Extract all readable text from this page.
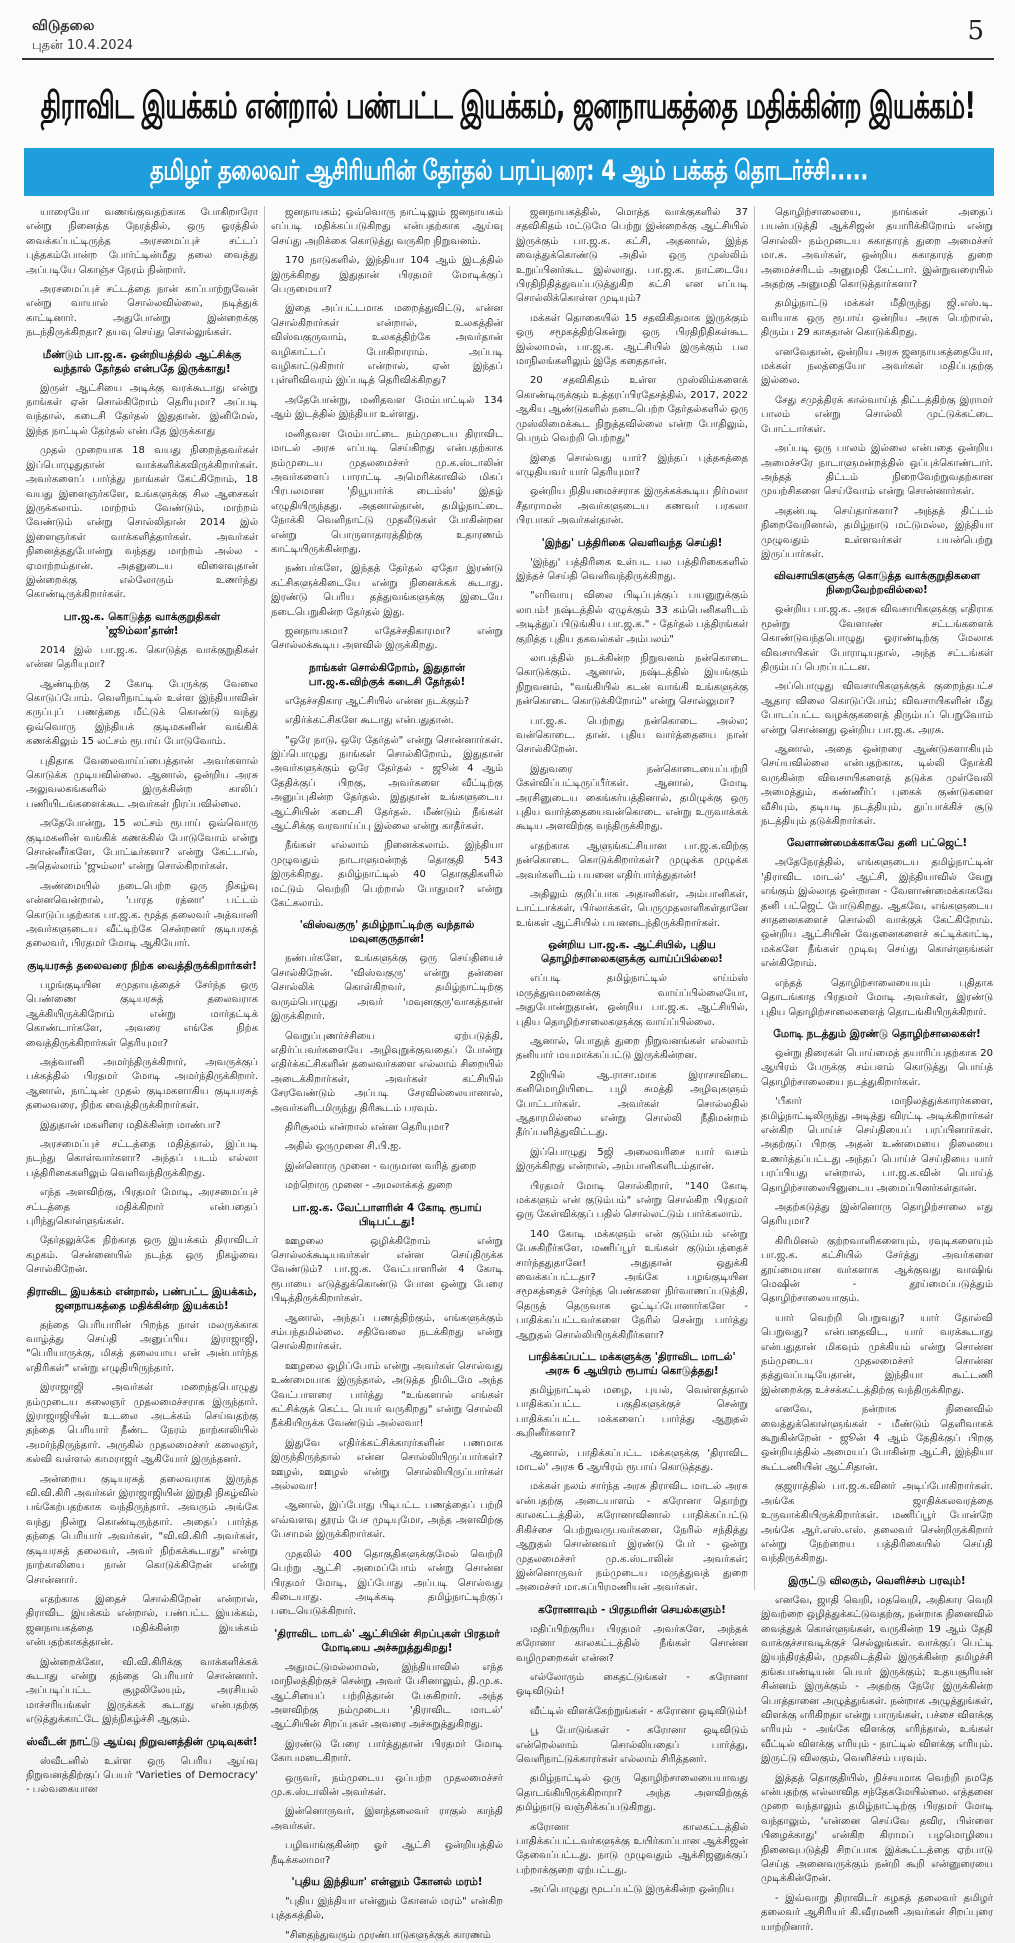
விடுதலை
புதன் 10.4.2024	5
திராவிட இயக்கம் என்றால் பண்பட்ட இயக்கம், ஜனநாயகத்தை மதிக்கின்ற இயக்கம்!
தமிழர் தலைவர் ஆசிரியரின் தேர்தல் பரப்புரை: 4 ஆம் பக்கத் தொடர்ச்சி.....

யாரையோ வணங்குவதற்காக போகிறாரோ என்று நினைத்த நேரத்தில், ஒரு ஓரத்தில் வைக்கப்பட்டிருந்த அரசமைப்புச் சட்டப் புத்தகம்போன்ற போர்ட்டின்மீது தலை வைத்து அப்படியே கொஞ்ச நேரம் நின்றார்.

அரசமைப்புச் சட்டத்தை நான் காப்பாற்றுவேன் என்று வாயால் சொல்லவில்லை, நடித்துக் காட்டினார். அதுபோன்று இன்றைக்கு நடந்திருக்கிறதா? தயவு செய்து சொல்லுங்கள்.

மீண்டும் பா.ஜ.க. ஒன்றியத்தில் ஆட்சிக்கு வந்தால் தேர்தல் என்பதே இருக்காது!

இருள் ஆட்சியை அடிக்கு வரக்கூடாது என்று நாங்கள் ஏன் சொல்கிறோம் தெரியுமா? அப்படி வந்தால், கடைசி தேர்தல் இதுதான். இனிமேல், இந்த நாட்டில் தேர்தல் என்பதே இருக்காது

முதல் முறையாக 18 வயது நிறைந்தவர்கள் இப்பொழுதுதான் வாக்களிக்கவிருக்கிறார்கள். அவர்களைப் பார்த்து நாங்கள் கேட்கிறோம், 18 வயது இளைஞர்களே, உங்களுக்கு சில ஆசைகள் இருக்கலாம். மாற்றம் வேண்டும், மாற்றம் வேண்டும் என்று சொல்லிதான் 2014 இல் இளைஞர்கள் வாக்களித்தார்கள். அவர்கள் நினைத்ததுபோன்று வந்தது மாற்றம் அல்ல - ஏமாற்றம்தான். அதனுடைய விளைவுதான் இன்றைக்கு எல்லோரும் உணர்ந்து கொண்டிருக்கிறார்கள்.

பா.ஜ.க. கொடுத்த வாக்குறுதிகள் 'ஜூம்லா'தான்!

2014 இல் பா.ஜ.க. கொடுத்த வாக்குறுதிகள் என்ன தெரியுமா?

ஆண்டிற்கு 2 கோடி பேருக்கு வேலை கொடுப்போம். வெளிநாட்டில் உள்ள இந்தியாவின் கருப்புப் பணத்தை மீட்டுக் கொண்டு வந்து ஒவ்வொரு இந்தியக் குடிமகனின் வங்கிக் கணக்கிலும் 15 லட்சம் ரூபாய் போடுவோம்.

புதிதாக வேலைவாய்ப்பைத்தான் அவர்களால் கொடுக்க முடியவில்லை. ஆனால், ஒன்றிய அரசு அலுவலகங்களில் இருக்கின்ற காலிப் பணியிடங்களைக்கூட அவர்கள் நிரப்பவில்லை.

அதேபோன்று, 15 லட்சம் ரூபாய் ஒவ்வொரு குடிமகனின் வங்கிக் கணக்கில் போடுவோம் என்று சொன்னீர்களே, போட்டீர்களா? என்று கேட்டால், அதெல்லாம் 'ஜும்லா' என்று சொல்கிறார்கள்.

அண்மையில் நடைபெற்ற ஒரு நிகழ்வு என்னவென்றால், 'பாரத ரத்னா' பட்டம் கொடுப்பதற்காக பா.ஜ.க. மூத்த தலைவர் அத்வானி அவர்களுடைய வீட்டிற்கே சென்றனர் குடியரசுத் தலைவர், பிரதமர் மோடி ஆகியோர்.

குடியரசுத் தலைவரை நிற்க வைத்திருக்கிறார்கள்!

பழங்குடியின சமுதாயத்தைச் சேர்ந்த ஒரு பெண்ணை குடியரசுத் தலைவராக ஆக்கியிருக்கிறோம் என்று மார்தட்டிக் கொண்டார்களே, அவரை எங்கே நிற்க வைத்திருக்கிறார்கள் தெரியுமா?

அத்வானி அமர்ந்திருக்கிறார், அவருக்குப் பக்கத்தில் பிரதமர் மோடி அமர்ந்திருக்கிறார். ஆனால், நாட்டின் முதல் குடிமகளாகிய குடியரசுத் தலைவரை, நிற்க வைத்திருக்கிறார்கள்.

இதுதான் மகளிரை மதிக்கின்ற மாண்பா?

அரசமைப்புச் சட்டத்தை மதித்தால், இப்படி நடந்து கொள்வார்களா? அந்தப் படம் எல்லா பத்திரிகைகளிலும் வெளிவந்திருக்கிறது.

எந்த அளவிற்கு, பிரதமர் மோடி, அரசமைப்புச் சட்டத்தை மதிக்கிறார் என்பதைப் புரிந்துகொள்ளுங்கள்.

தேர்தலுக்கே நிற்காத ஒரு இயக்கம் திராவிடர் கழகம். சென்னையில் நடந்த ஒரு நிகழ்வை சொல்கிறேன்.

திராவிட இயக்கம் என்றால், பண்பட்ட இயக்கம், ஜனநாயகத்தை மதிக்கின்ற இயக்கம்!

தந்தை பெரியாரின் பிறந்த நாள் மலருக்காக வாழ்த்து செய்தி அனுப்பிய இராஜாஜி, "பெரியாருக்கு, மிகத் தலையாய என் அன்பார்ந்த எதிரிகள்" என்று எழுதியிருந்தார்.

இராஜாஜி அவர்கள் மறைந்தபொழுது நம்முடைய கலைஞர் முதலமைச்சராக இருந்தார். இராஜாஜியின் உடலை அடக்கம் செய்வதற்கு தந்தை பெரியார் நீண்ட நேரம் நாற்காலியில் அமர்ந்திருந்தார். அருகில் முதலமைச்சர் கலைஞர், கல்வி வள்ளல் காமராஜர் ஆகியோர் இருந்தனர்.

அன்றைய குடியரசுத் தலைவராக இருந்த வி.வி.கிரி அவர்கள் இராஜாஜியின் இறுதி நிகழ்வில் பங்கேற்பதற்காக வந்திருந்தார். அவரும் அங்கே வந்து நின்று கொண்டிருந்தார். அதைப் பார்த்த தந்தை பெரியார் அவர்கள், "வி.வி.கிரி அவர்கள், குடியரசுத் தலைவர், அவர் நிற்கக்கூடாது" என்று நாற்காலியை நான் கொடுக்கிறேன் என்று சொன்னார்.

எதற்காக இதைச் சொல்கிறேன் என்றால், திராவிட இயக்கம் என்றால், பண்பட்ட இயக்கம், ஜனநாயகத்தை மதிக்கின்ற இயக்கம் என்பதற்காகத்தான்.

இன்றைக்கோ, வி.வி.கிரிக்கு வாக்களிக்கக் கூடாது என்று தந்தை பெரியார் சொன்னார். அப்படிப்பட்ட சூழலிலேயும், அரசியல் மாச்சரியங்கள் இருக்கக் கூடாது என்பதற்கு எடுத்துக்காட்டே இந்நிகழ்ச்சி ஆகும்.

ஸ்வீடன் நாட்டு ஆய்வு நிறுவனத்தின் முடிவுகள்!

ஸ்வீடனில் உள்ள ஒரு பெரிய ஆய்வு நிறுவனத்திற்குப் பெயர் 'Varieties of Democracy' - பல்வகையான

ஜனநாயகம்; ஒவ்வொரு நாட்டிலும் ஜனநாயகம் எப்படி மதிக்கப்படுகிறது என்பதற்காக ஆய்வு செய்து அறிக்கை கொடுத்து வருகிற நிறுவனம்.

170 நாடுகளில், இந்தியா 104 ஆம் இடத்தில் இருக்கிறது இதுதான் பிரதமர் மோடிக்குப் பெருமையா?

இதை அப்பட்டமாக மறைத்துவிட்டு, என்ன சொல்கிறார்கள் என்றால், உலகத்தின் விஸ்வகுருவாம், உலகத்திற்கே அவர்தான் வழிகாட்டப் போகிறாராம். அப்படி வழிகாட்டுகிறார் என்றால், ஏன் இந்தப் புள்ளிவிவரம் இப்படித் தெரிவிக்கிறது?

அதேபோன்று, மனிதவள மேம்பாட்டில் 134 ஆம் இடத்தில் இந்தியா உள்ளது.

மனிதவள மேம்பாட்டை நம்முடைய திராவிட மாடல் அரசு எப்படி செய்கிறது என்பதற்காக நம்முடைய முதலமைச்சர் மு.க.ஸ்டாலின் அவர்களைப் பாராட்டி அமெரிக்காவில் மிகப் பிரபலமான 'நியூயார்க் டைம்ஸ்' இதழ் எழுதியிருந்தது. அதனால்தான், தமிழ்நாட்டை நோக்கி வெளிநாட்டு முதலீடுகள் போகின்றன என்று பொருளாதாரத்திற்கு உதாரணம் காட்டியிருக்கின்றது.

நண்பர்களே, இந்தத் தேர்தல் ஏதோ இரண்டு கட்சிகளுக்கிடையே என்று நினைக்கக் கூடாது. இரண்டு பெரிய தத்துவங்களுக்கு இடையே நடைபெறுகின்ற தேர்தல் இது.

ஜனநாயகமா? எதேச்சதிகாரமா? என்று சொல்லக்கூடிய அளவில் இருக்கிறது.

நாங்கள் சொல்கிறோம், இதுதான் பா.ஜ.க.விற்குக் கடைசி தேர்தல்!

எதேச்சதிகார ஆட்சியில் என்ன நடக்கும்?

எதிர்க்கட்சிகளே கூடாது என்பதுதான்.

"ஒரே நாடு, ஒரே தேர்தல்" என்று சொன்னார்கள். இப்பொழுது நாங்கள் சொல்கிறோம், இதுதான் அவர்களுக்கும் ஒரே தேர்தல் - ஜூன் 4 ஆம் தேதிக்குப் பிறகு, அவர்களை வீட்டிற்கு அனுப்புகின்ற தேர்தல். இதுதான் உங்களுடைய ஆட்சியின் கடைசி தேர்தல். மீண்டும் நீங்கள் ஆட்சிக்கு வரவாய்ப்பு இல்லை என்று காதீர்கள்.

நீங்கள் எல்லாம் நினைக்கலாம். இந்தியா முழுவதும் நாடாளுமன்றத் தொகுதி 543 இருக்கிறது. தமிழ்நாட்டில் 40 தொகுதிகளில் மட்டும் வெற்றி பெற்றால் போதுமா? என்று கேட்கலாம்.

'விஸ்வகுரு' தமிழ்நாட்டிற்கு வந்தால் மவுனகுருதான்!

நண்பர்களே, உங்களுக்கு ஒரு செய்தியைச் சொல்கிறேன். 'விஸ்வகுரு' என்று தன்னை சொல்லிக் கொள்கிறவர், தமிழ்நாட்டிற்கு வரும்பொழுது அவர் 'மவுனகுரு'வாகத்தான் இருக்கிறார்.

வெறுப்புணர்ச்சியை ஏற்படுத்தி, எதிர்ப்பவர்களையே அழிவுறுக்குவதைப் போன்று எதிர்க்கட்சிகளின் தலைவர்களை எல்லாம் சிறையில் அடைக்கிறார்கள், அவர்கள் கட்சியில் சேரவேண்டும் அப்படி சேரவில்லையானால், அவர்களிடமிருந்து திரிகூடம் பரவும்.

திரிசூலம் என்றால் என்ன தெரியுமா?

அதில் ஒருமுனை சி.பி.ஐ.

இன்னொரு முனை - வருமான வரித் துறை

மற்றொரு முனை - அமலாக்கத் துறை

பா.ஜ.க. வேட்பாளரின் 4 கோடி ரூபாய் பிடிபட்டது!

ஊழலை ஒழிக்கிறோம் என்று சொல்லக்கூடியவர்கள் என்ன செய்திருக்க வேண்டும்? பா.ஜ.க. வேட்பாளரின் 4 கோடி ரூபாயை எடுத்துக்கொண்டு போன ஒன்று பேரை பிடித்திருக்கிறார்கள்.

ஆனால், அந்தப் பணத்திற்கும், எங்களுக்கும் சம்பந்தமில்லை. சதிவேலை நடக்கிறது என்று சொல்கிறார்கள்.

ஊழலை ஒழிப்போம் என்று அவர்கள் சொல்வது உண்மையாக இருந்தால், அடுத்த நிமிடமே அந்த வேட்பாளரை பார்த்து "உங்களால் எங்கள் கட்சிக்குக் கெட்ட பெயர் வருகிறது" என்று சொல்லி நீக்கியிருக்க வேண்டும் அல்லவா!

இதுவே எதிர்க்கட்சிக்காரர்களின் பணமாக இருந்திருந்தால் என்ன சொல்லியிருப்பார்கள்? ஊழல், ஊழல் என்று சொல்லியிருப்பார்கள் அல்லவா!

ஆனால், இப்போது பிடிபட்ட பணத்தைப் பற்றி எவ்வளவு தூரம் பேச முடியுமோ, அந்த அளவிற்கு பேசாமல் இருக்கிறார்கள்.

முதலில் 400 தொகுதிகளுக்குமேல் வெற்றி பெற்று ஆட்சி அமைப்போம் என்று சொன்ன பிரதமர் மோடி, இப்போது அப்படி சொல்வது கிடையாது. அடிக்கடி தமிழ்நாட்டிற்குப் படையெடுக்கிறார்.

'திராவிட மாடல்' ஆட்சியின் சிறப்புகள் பிரதமர் மோடியை அச்சுறுத்துகிறது!

அதுமட்டுமல்லாமல், இந்தியாவில் எந்த மாநிலத்திற்குச் சென்று அவர் பேசினாலும், தி.மு.க. ஆட்சியைப் பற்றித்தான் பேசுகிறார். அந்த அளவிற்கு நம்முடைய 'திராவிட மாடல்' ஆட்சியின் சிறப்புகள் அவரை அச்சுறுத்துகிறது.

இரண்டு பேரை பார்த்துதான் பிரதமர் மோடி கோபமடைகிறார்.

ஒருவர், நம்முடைய ஒப்பற்ற முதலமைச்சர் மு.க.ஸ்டாலின் அவர்கள்.

இன்னொருவர், இளந்தலைவர் ராகுல் காந்தி அவர்கள்.

பழிவாங்குகின்ற ஓர் ஆட்சி ஒன்றியத்தில் நீடிக்கலாமா?

'புதிய இந்தியா' என்னும் கோனல் மரம்!

"புதிய இந்தியா என்னும் கோனல் மரம்" என்கிற புத்தகத்தில்,

"சிதைந்துவரும் முரண்பாடுகளுக்குக் காரணம்

ஜனநாயகத்தில், மொத்த வாக்குகளில் 37 சதவிகிதம் மட்டுமே பெற்று இன்றைக்கு ஆட்சியில் இருக்கும் பா.ஜ.க. கட்சி, அதனால், இந்த வைத்துக்கொண்டு அதில் ஒரு முஸ்லிம் உறுப்பினர்கூட இல்லாது. பா.ஜ.க. நாட்டையே பிரதிநிதித்துவப்படுத்துகிற கட்சி என எப்படி சொல்லிக்கொள்ள முடியும்?

மக்கள் தொகையில் 15 சதவிகிதமாக இருக்கும் ஒரு சமூகத்திற்கென்று ஒரு பிரதிநிதிகள்கூட இல்லாமல், பா.ஜ.க. ஆட்சியில் இருக்கும் பல மாநிலங்களிலும் இதே கதைதான்.

20 சதவிகிதம் உள்ள முஸ்லிம்களைக் கொண்டிருக்கும் உத்தரப்பிரதேசத்தில், 2017, 2022 ஆகிய ஆண்டுகளில் நடைபெற்ற தேர்தல்களில் ஒரு முஸ்லிமைக்கூட நிறுத்தவில்லை என்ற போதிலும், பெரும் வெற்றி பெற்றது"

இதை சொல்வது யார்? இந்தப் புத்தகத்தை எழுதியவர் யார் தெரியுமா?

ஒன்றிய நிதியமைச்சராக இருக்கக்கூடிய நிர்மலா சீதாராமன் அவர்களுடைய கணவர் பரகலா பிரபாகர் அவர்கள்தான்.

'இந்து' பத்திரிகை வெளிவந்த செய்தி!

'இந்து' பத்திரிகை உள்பட பல பத்திரிகைகளில் இந்தச் செய்தி வெளிவந்திருக்கிறது.

"எரிவாயு விலை பிடிப்புக்குப் பயனுறுக்கும் லாபம்! நஷ்டத்தில் ஏழுக்கும் 33 கம்பெனிகளிடம் அடித்துப் பிடுங்கிய பா.ஜ.க." - தேர்தல் பத்திரங்கள் குறித்த புதிய தகவல்கள் அம்பலம்"

லாபத்தில் நடக்கின்ற நிறுவனம் நன்கொடை கொடுக்கும். ஆனால், நஷ்டத்தில் இயங்கும் நிறுவனம், "வங்கியில் கடன் வாங்கி உங்களுக்கு நன்கொடை கொடுக்கிறோம்" என்று சொல்லுமா?

பா.ஜ.க. பெற்றது நன்கொடை அல்ல; வன்கொடை. தான். புதிய வார்த்தையை நான் சொல்கிறேன்.

இதுவரை நன்கொடையைப்பற்றி கேள்விப்பட்டிருப்பீர்கள். ஆனால், மோடி அரசினுடைய கைங்கர்யத்தினால், தமிழுக்கு ஒரு புதிய வார்த்தையைவன்கொடை என்று உருவாக்கக் கூடிய அளவிற்கு வந்திருக்கிறது.

எதற்காக ஆளுங்கட்சியான பா.ஜ.க.விற்கு நன்கொடை கொடுக்கிறார்கள்? முழுக்க முழுக்க அவர்களிடம் பயனை எதிர்பார்த்துதான்!

அதிலும் குறிப்பாக அதானிகள், அம்பானிகள், டாட்டாக்கள், பிர்லாக்கள், பெருமுதலாளிகள்தானே உங்கள் ஆட்சியில் பயனடைந்திருக்கிறார்கள்.

ஒன்றிய பா.ஜ.க. ஆட்சியில், புதிய தொழிற்சாலைகளுக்கு வாய்ப்பில்லை!

எப்படி தமிழ்நாட்டில் எய்ம்ஸ் மருத்துவமனைக்கு வாய்ப்பில்லையோ, அதுபோன்றுதான், ஒன்றிய பா.ஜ.க. ஆட்சியில், புதிய தொழிற்சாலைகளுக்கு வாய்ப்பில்லை.

ஆனால், பொதுத் துறை நிறுவனங்கள் எல்லாம் தனியார் மயமாக்கப்பட்டு இருக்கின்றன.

2ஜியில் ஆ.ராசா.மாக இராசாவிடை கனிமொழியிடை பழி சுமத்தி அழிவுகளும் போட்டார்கள். அவர்கள் சொல்லதில் ஆதாரமில்லை என்று சொல்லி நீதிமன்றம் தீர்ப்பளித்துவிட்டது.

இப்பொழுது 5ஜி அலைவரிசை யார் வசம் இருக்கிறது என்றால், அம்பானிகளிடம்தான்.

பிரதமர் மோடி சொல்கிறார், "140 கோடி மக்களும் என் குடும்பம்" என்று சொல்கிற பிரதமர் ஒரு கேள்விக்குப் பதில் சொல்லட்டும் பார்க்கலாம்.

140 கோடி மக்களும் என் குடும்பம் என்று பேசுகிறீர்களே, மணிப்பூர் உங்கள் குடும்பத்தைச் சார்ந்ததுதானே! அதுதான் ஒதுக்கி வைக்கப்பட்டதா? அங்கே பழங்குடியின சமூகத்தைச் சேர்ந்த பெண்களை நிர்வாணப்படுத்தி, தெருத் தெருவாக ஓட்டிப்போனார்களே - பாதிக்கப்பட்டவர்களை நேரில் சென்று பார்த்து ஆறுதல் சொல்லியிருக்கிறீர்களா?

பாதிக்கப்பட்ட மக்களுக்கு 'திராவிட மாடல்' அரசு 6 ஆயிரம் ரூபாய் கொடுத்தது!

தமிழ்நாட்டில் மழை, புயல், வெள்ளத்தால் பாதிக்கப்பட்ட பகுதிகளுக்குச் சென்று பாதிக்கப்பட்ட மக்களைப் பார்த்து ஆறுதல் கூறினீர்களா?

ஆனால், பாதிக்கப்பட்ட மக்களுக்கு 'திராவிட மாடல்' அரசு 6 ஆயிரம் ரூபாய் கொடுத்தது.

மக்கள் நலம் சார்ந்த அரசு திராவிட மாடல் அரசு என்பதற்கு அடையாளம் - கரோனா தொற்று காலகட்டத்தில், கரோனாவினால் பாதிக்கப்பட்டு சிகிச்சை பெற்றுவருபவர்களை, நேரில் சந்தித்து ஆறுதல் சொன்னவர் இரண்டு பேர் - ஒன்று முதலமைச்சர் மு.க.ஸ்டாலின் அவர்கள்; இன்னொருவர் நம்முடைய மருத்துவத் துறை அமைச்சர் மா.சுப்பிரமணியன் அவர்கள்.

கரோனாவும் - பிரதமரின் செயல்களும்!

மதிப்பிற்குரிய பிரதமர் அவர்களே, அந்தக் கரோனா காலகட்டத்தில் நீங்கள் சொன்ன வழிமுறைகள் என்ன?

எல்லோரும் கைதட்டுங்கள் - கரோனா ஒடிவிடும்!

வீட்டில் விளக்கேற்றுங்கள் - கரோனா ஒடிவிடும்!

பூ போடுங்கள் - கரோனா ஒடிவிடும் என்றெல்லாம் சொல்லியதைப் பார்த்து, வெளிநாட்டுக்காரர்கள் எல்லாம் சிரித்தனர்.

தமிழ்நாட்டில் ஒரு தொழிற்சாலையையாவது தொடங்கியிருக்கிறாரா? அந்த அளவிற்குத் தமிழ்நாடு வஞ்சிக்கப்படுகிறது.

கரோனா காலகட்டத்தில் பாதிக்கப்பட்டவர்களுக்கு உயிர்காப்பான ஆக்சிஜன் தேவைப்பட்டது. நாடு முழுவதும் ஆக்சிஜனுக்குப் பற்றாக்குறை ஏற்பட்டது.

அப்பொழுது மூடப்பட்டு இருக்கின்ற ஒன்றிய

தொழிற்சாலையை, நாங்கள் அதைப் பயன்படுத்தி ஆக்சிஜன் தயாரிக்கிறோம் என்று சொல்லி- நம்முடைய சுகாதாரத் துறை அமைச்சர் மா.சு. அவர்கள், ஒன்றிய சுகாதாரத் துறை அமைச்சரிடம் அனுமதி கேட்டார். இன்றுவரையில் அதற்கு அனுமதி கொடுத்தார்களா?

தமிழ்நாட்டு மக்கள் மீதிருந்து ஜி.எஸ்.டி. வரியாக ஒரு ரூபாய் ஒன்றிய அரசு பெற்றால், திரும்ப 29 காசுதான் கொடுக்கிறது.

எனவேதான், ஒன்றிய அரசு ஜனநாயகத்தையோ, மக்கள் நலத்தையோ அவர்கள் மதிப்பதற்கு இல்லை.

சேது சமுத்திரக் கால்வாய்த் திட்டத்திற்கு இராமர் பாலம் என்று சொல்லி முட்டுக்கட்டை போட்டார்கள்.

அப்படி ஒரு பாலம் இல்லை என்பதை ஒன்றிய அமைச்சரே நாடாளுமன்றத்தில் ஒப்புக்கொண்டார். அந்தத் திட்டம் நிறைவேற்றுவதற்கான முயற்சிகளை செய்வோம் என்று சொன்னார்கள்.

அதன்படி செய்தார்களா? அந்தத் திட்டம் நிறைவேறினால், தமிழ்நாடு மட்டுமல்ல, இந்தியா முழுவதும் உள்ளவர்கள் பயன்பெற்று இருப்பார்கள்.

விவசாயிகளுக்கு கொடுத்த வாக்குறுதிகளை நிறைவேற்றவில்லை!

ஒன்றிய பா.ஜ.க. அரசு விவசாயிகளுக்கு எதிராக மூன்று வேளாண் சட்டங்களைக் கொண்டுவந்தபொழுது ஓராண்டிற்கு மேலாக விவசாயிகள் போராடியதால், அந்த சட்டங்கள் திரும்பப் பெறப்பட்டன.

அப்பொழுது விவசாயிகளுக்குக் குறைந்தபட்ச ஆதார விலை கொடுப்போம்; விவசாயிகளின் மீது போடப்பட்ட வழக்குகளைத் திரும்பப் பெறுவோம் என்று சொன்னது ஒன்றிய பா.ஜ.க. அரசு.

ஆனால், அதை ஒன்றரை ஆண்டுகளாகியும் செய்யவில்லை என்பதற்காக, டில்லி நோக்கி வருகின்ற விவசாயிகளைத் தடுக்க முள்வேலி அமைத்தும், கண்ணீர்ப் புகைக் குண்டுகளை வீசியும், தடியடி நடத்தியும், துப்பாக்கிச் சூடு நடத்தியும் தடுக்கிறார்கள்.

வேளாண்மைக்காகவே தனி பட்ஜெட்!

அதேநேரத்தில், எங்களுடைய தமிழ்நாட்டின் 'திராவிட மாடல்' ஆட்சி, இந்தியாவில் வேறு எங்கும் இல்லாத ஒன்றான - வேளாண்மைக்காகவே தனி பட்ஜெட் போடுகிறது. ஆகவே, எங்களுடைய சாதனைகளைச் சொல்லி வாக்குக் கேட்கிறோம். ஒன்றிய ஆட்சியின் வேதனைகளைச் சுட்டிக்காட்டி, மக்களே நீங்கள் முடிவு செய்து கொள்ளுங்கள் என்கிறோம்.

எந்தத் தொழிற்சாலையையும் புதிதாக தொடங்காத பிரதமர் மோடி அவர்கள், இரண்டு புதிய தொழிற்சாலைகளைத் தொடங்கியிருக்கிறார்.

மோடி நடத்தும் இரண்டு தொழிற்சாலைகள்!

ஒன்று திரைகள் பொய்மைத் தயாரிப்பதற்காக 20 ஆயிரம் பேருக்கு சம்பளம் கொடுத்து பொய்த் தொழிற்சாலையை நடத்துகிறார்கள்.

'பீகார் மாநிலத்துக்காரர்களை, தமிழ்நாட்டிலிருந்து அடித்து விரட்டி அடிக்கிறார்கள் என்கிற பொய்ச் செய்தியைப் பரப்பினார்கள். அதற்குப் பிறகு அதன் உண்மையை நிலையை உணர்த்தப்பட்டது அந்தப் பொய்ச் செய்தியை யார் பரப்பியது என்றால், பா.ஜ.க.வின் பொய்த் தொழிற்சாலையினுடைய அமைப்பினர்கள்தான்.

அதற்கடுத்து இன்னொரு தொழிற்சாலை எது தெரியுமா?

கிரிமினல் குற்றவாளிகளையும், ரவுடிகளையும் பா.ஜ.க. கட்சியில் சேர்த்து அவர்களை தூய்மையான வர்களாக ஆக்குவது வாஷிங் மெஷின் - தூய்மைப்படுத்தும் தொழிற்சாலையாகும்.

யார் வெற்றி பெறுவது? யார் தோல்வி பெறுவது? என்பதைவிட, யார் வரக்கூடாது என்பதுதான் மிகவும் முக்கியம் என்று சொன்ன நம்முடைய முதலமைச்சர் சொன்ன தத்துவப்படியேதான், இந்தியா கூட்டணி இன்றைக்கு உச்சக்கட்டத்திற்கு வந்திருக்கிறது.

எனவே, நன்றாக நினைவில் வைத்துக்கொள்ளுங்கள் - மீண்டும் தெளிவாகக் கூறுகின்றேன் - ஜூன் 4 ஆம் தேதிக்குப் பிறகு ஒன்றியத்தில் அமையப் போகின்ற ஆட்சி, இந்தியா கூட்டணியின் ஆட்சிதான்.

குஜராத்தில் பா.ஜ.க.வினர் அடிப்போகிறார்கள். அங்கே ஜாதிக்கலவரத்தை உருவாக்கியிருக்கிறார்கள். மணிப்பூர் போன்றே அங்கே ஆர்.எஸ்.எஸ். தலைவர் சென்றிருக்கிறார் என்று நேற்றைய பத்திரிகையில் செய்தி வந்திருக்கிறது.

இருட்டு விலகும், வெளிச்சம் பரவும்!

எனவே, ஜாதி வெறி, மதவெறி, அதிகார வெறி இவற்றை ஒழித்துக்கட்டுவதற்கு, நன்றாக நினைவில் வைத்துக் கொள்ளுங்கள், வருகின்ற 19 ஆம் தேதி வாக்குச்சாவடிக்குச் செல்லுங்கள். வாக்குப் பெட்டி இயந்திரத்தில், முதலிடத்தில் இருக்கின்ற தமிழச்சி தங்கபாண்டியன் பெயர் இருக்கும்; உதயசூரியன் சின்னம் இருக்கும் - அதற்கு நேரே இருக்கின்ற பொத்தானை அழுத்துங்கள். நன்றாக அழுத்துங்கள், விளக்கு எரிகிறதா என்று பாருங்கள், பச்சை விளக்கு எரியும் - அங்கே விளக்கு எரிந்தால், உங்கள் வீட்டில் விளக்கு எரியும் - நாட்டில் விளக்கு எரியும். இருட்டு விலகும், வெளிச்சம் பரவும்.

இத்தத் தொகுதியில், நிச்சயமாக வெற்றி நமதே என்பதற்கு எல்லாவித சந்தேகமேயில்லை. எத்தனை முறை வந்தாலும் தமிழ்நாட்டிற்கு பிரதமர் மோடி வந்தாலும், 'என்னை செய்வே தவிர, பிள்ளை பிழைக்காது' என்கிற கிராமப் பழமொழியை நினைவுபடுத்தி சிறப்பாக இக்கூட்டத்தை ஏற்பாடு செய்த அனைவருக்கும் நன்றி கூறி என்னுரையை முடிக்கின்றேன்.

- இவ்வாறு திராவிடர் கழகத் தலைவர் தமிழர் தலைவர் ஆசிரியர் கி.வீரமணி அவர்கள் சிறப்புரை யாற்றினார்.
